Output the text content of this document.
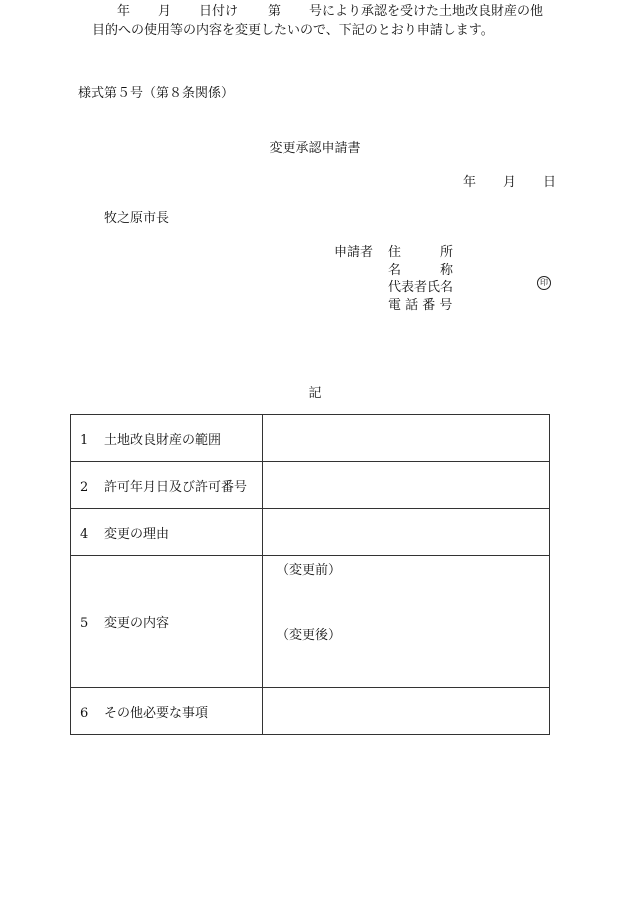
様式第５号（第８条関係）
変更承認申請書
年 月 日
牧之原市長
申請者 住　　　所
名　　　称
代表者氏名	印
電 話 番 号
年 月 日付け 第 号により承認を受けた土地改良財産の他
目的への使用等の内容を変更したいので、下記のとおり申請します。
記
1 土地改良財産の範囲	
2 許可年月日及び許可番号	
4 変更の理由	
5 変更の内容	（変更前）
（変更後）

6 その他必要な事項	
